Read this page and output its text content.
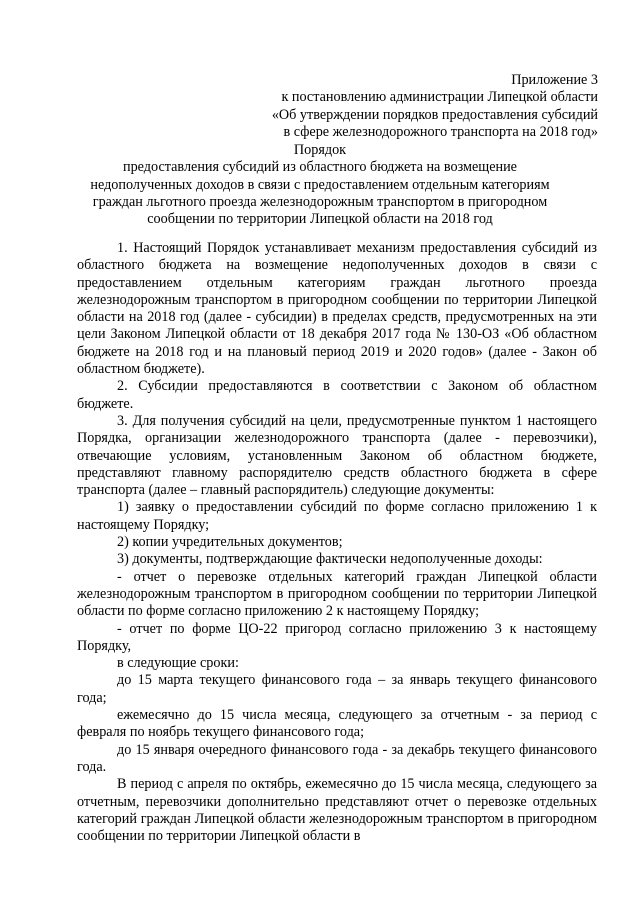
Приложение 3
к постановлению администрации Липецкой области
«Об утверждении порядков предоставления субсидий
в сфере железнодорожного транспорта на 2018 год»
Порядок
предоставления субсидий из областного бюджета на возмещение
недополученных доходов в связи с предоставлением отдельным категориям
граждан льготного проезда железнодорожным транспортом в пригородном
сообщении по территории Липецкой области на 2018 год

1. Настоящий Порядок устанавливает механизм предоставления субсидий из областного бюджета на возмещение недополученных доходов в связи с предоставлением отдельным категориям граждан льготного проезда железнодорожным транспортом в пригородном сообщении по территории Липецкой области на 2018 год (далее - субсидии) в пределах средств, предусмотренных на эти цели Законом Липецкой области от 18 декабря 2017 года № 130-ОЗ «Об областном бюджете на 2018 год и на плановый период 2019 и 2020 годов» (далее - Закон об областном бюджете).

2. Субсидии предоставляются в соответствии с Законом об областном бюджете.

3. Для получения субсидий на цели, предусмотренные пунктом 1 настоящего Порядка, организации железнодорожного транспорта (далее - перевозчики), отвечающие условиям, установленным Законом об областном бюджете, представляют главному распорядителю средств областного бюджета в сфере транспорта (далее – главный распорядитель) следующие документы:

1) заявку о предоставлении субсидий по форме согласно приложению 1 к настоящему Порядку;

2) копии учредительных документов;

3) документы, подтверждающие фактически недополученные доходы:

- отчет о перевозке отдельных категорий граждан Липецкой области железнодорожным транспортом в пригородном сообщении по территории Липецкой области по форме согласно приложению 2 к настоящему Порядку;

- отчет по форме ЦО-22 пригород согласно приложению 3 к настоящему Порядку,

в следующие сроки:

до 15 марта текущего финансового года – за январь текущего финансового года;

ежемесячно до 15 числа месяца, следующего за отчетным - за период с февраля по ноябрь текущего финансового года;

до 15 января очередного финансового года - за декабрь текущего финансового года.

В период с апреля по октябрь, ежемесячно до 15 числа месяца, следующего за отчетным, перевозчики дополнительно представляют отчет о перевозке отдельных категорий граждан Липецкой области железнодорожным транспортом в пригородном сообщении по территории Липецкой области в
